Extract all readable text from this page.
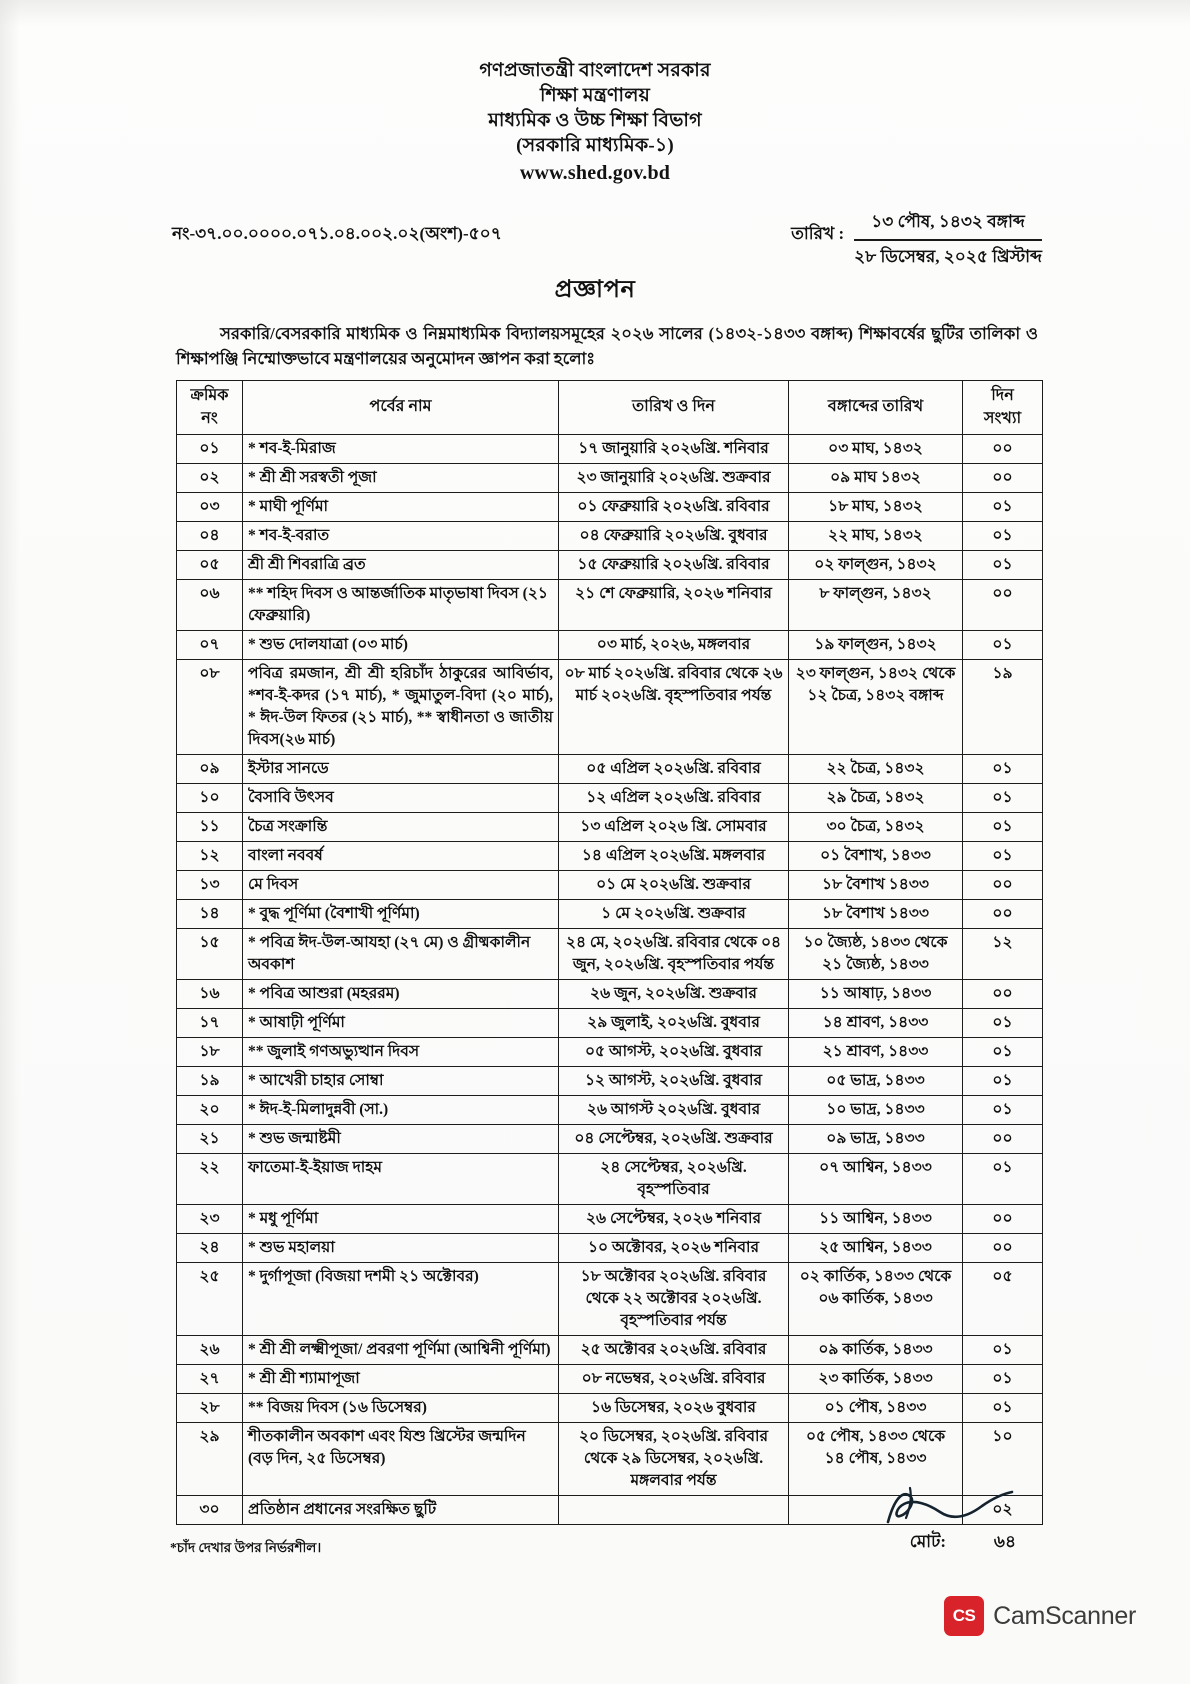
গণপ্রজাতন্ত্রী বাংলাদেশ সরকার
শিক্ষা মন্ত্রণালয়
মাধ্যমিক ও উচ্চ শিক্ষা বিভাগ
(সরকারি মাধ্যমিক-১)
www.shed.gov.bd
নং-৩৭.০০.০০০০.০৭১.০৪.০০২.০২(অংশ)-৫০৭	তারিখ :
১৩ পৌষ, ১৪৩২ বঙ্গাব্দ
২৮ ডিসেম্বর, ২০২৫ খ্রিস্টাব্দ
প্রজ্ঞাপন
সরকারি/বেসরকারি মাধ্যমিক ও নিম্নমাধ্যমিক বিদ্যালয়সমূহের ২০২৬ সালের (১৪৩২-১৪৩৩ বঙ্গাব্দ) শিক্ষাবর্ষের ছুটির তালিকা ও শিক্ষাপঞ্জি নিম্মোক্তভাবে মন্ত্রণালয়ের অনুমোদন জ্ঞাপন করা হলোঃ
ক্রমিক
নং	পর্বের নাম	তারিখ ও দিন	বঙ্গাব্দের তারিখ	দিন
সংখ্যা
০১	* শব-ই-মিরাজ	১৭ জানুয়ারি ২০২৬খ্রি. শনিবার	০৩ মাঘ, ১৪৩২	০০
০২	* শ্রী শ্রী সরস্বতী পূজা	২৩ জানুয়ারি ২০২৬খ্রি. শুক্রবার	০৯ মাঘ ১৪৩২	০০
০৩	* মাঘী পূর্ণিমা	০১ ফেব্রুয়ারি ২০২৬খ্রি. রবিবার	১৮ মাঘ, ১৪৩২	০১
০৪	* শব-ই-বরাত	০৪ ফেব্রুয়ারি ২০২৬খ্রি. বুধবার	২২ মাঘ, ১৪৩২	০১
০৫	শ্রী শ্রী শিবরাত্রি ব্রত	১৫ ফেব্রুয়ারি ২০২৬খ্রি. রবিবার	০২ ফাল্গুন, ১৪৩২	০১
০৬	** শহিদ দিবস ও আন্তর্জাতিক মাতৃভাষা দিবস (২১ ফেব্রুয়ারি)	২১ শে ফেব্রুয়ারি, ২০২৬ শনিবার	৮ ফাল্গুন, ১৪৩২	০০
০৭	* শুভ দোলযাত্রা (০৩ মার্চ)	০৩ মার্চ, ২০২৬, মঙ্গলবার	১৯ ফাল্গুন, ১৪৩২	০১
০৮	পবিত্র রমজান, শ্রী শ্রী হরিচাঁদ ঠাকুরের আবির্ভাব, *শব-ই-কদর (১৭ মার্চ), * জুমাতুল-বিদা (২০ মার্চ), * ঈদ-উল ফিতর (২১ মার্চ), ** স্বাধীনতা ও জাতীয় দিবস(২৬ মার্চ)	০৮ মার্চ ২০২৬খ্রি. রবিবার থেকে ২৬ মার্চ ২০২৬খ্রি. বৃহস্পতিবার পর্যন্ত	২৩ ফাল্গুন, ১৪৩২ থেকে ১২ চৈত্র, ১৪৩২ বঙ্গাব্দ	১৯
০৯	ইস্টার সানডে	০৫ এপ্রিল ২০২৬খ্রি. রবিবার	২২ চৈত্র, ১৪৩২	০১
১০	বৈসাবি উৎসব	১২ এপ্রিল ২০২৬খ্রি. রবিবার	২৯ চৈত্র, ১৪৩২	০১
১১	চৈত্র সংক্রান্তি	১৩ এপ্রিল ২০২৬ খ্রি. সোমবার	৩০ চৈত্র, ১৪৩২	০১
১২	বাংলা নববর্ষ	১৪ এপ্রিল ২০২৬খ্রি. মঙ্গলবার	০১ বৈশাখ, ১৪৩৩	০১
১৩	মে দিবস	০১ মে ২০২৬খ্রি. শুক্রবার	১৮ বৈশাখ ১৪৩৩	০০
১৪	* বুদ্ধ পূর্ণিমা (বৈশাখী পূর্ণিমা)	১ মে ২০২৬খ্রি. শুক্রবার	১৮ বৈশাখ ১৪৩৩	০০
১৫	* পবিত্র ঈদ-উল-আযহা (২৭ মে) ও গ্রীষ্মকালীন অবকাশ	২৪ মে, ২০২৬খ্রি. রবিবার থেকে ০৪ জুন, ২০২৬খ্রি. বৃহস্পতিবার পর্যন্ত	১০ জ্যৈষ্ঠ, ১৪৩৩ থেকে ২১ জ্যৈষ্ঠ, ১৪৩৩	১২
১৬	* পবিত্র আশুরা (মহররম)	২৬ জুন, ২০২৬খ্রি. শুক্রবার	১১ আষাঢ়, ১৪৩৩	০০
১৭	* আষাঢ়ী পূর্ণিমা	২৯ জুলাই, ২০২৬খ্রি. বুধবার	১৪ শ্রাবণ, ১৪৩৩	০১
১৮	** জুলাই গণঅভ্যুত্থান দিবস	০৫ আগস্ট, ২০২৬খ্রি. বুধবার	২১ শ্রাবণ, ১৪৩৩	০১
১৯	* আখেরী চাহার সোম্বা	১২ আগস্ট, ২০২৬খ্রি. বুধবার	০৫ ভাদ্র, ১৪৩৩	০১
২০	* ঈদ-ই-মিলাদুন্নবী (সা.)	২৬ আগস্ট ২০২৬খ্রি. বুধবার	১০ ভাদ্র, ১৪৩৩	০১
২১	* শুভ জন্মাষ্টমী	০৪ সেপ্টেম্বর, ২০২৬খ্রি. শুক্রবার	০৯ ভাদ্র, ১৪৩৩	০০
২২	ফাতেমা-ই-ইয়াজ দাহম	২৪ সেপ্টেম্বর, ২০২৬খ্রি. বৃহস্পতিবার	০৭ আশ্বিন, ১৪৩৩	০১
২৩	* মধু পূর্ণিমা	২৬ সেপ্টেম্বর, ২০২৬ শনিবার	১১ আশ্বিন, ১৪৩৩	০০
২৪	* শুভ মহালয়া	১০ অক্টোবর, ২০২৬ শনিবার	২৫ আশ্বিন, ১৪৩৩	০০
২৫	* দুর্গাপূজা (বিজয়া দশমী ২১ অক্টোবর)	১৮ অক্টোবর ২০২৬খ্রি. রবিবার থেকে ২২ অক্টোবর ২০২৬খ্রি. বৃহস্পতিবার পর্যন্ত	০২ কার্তিক, ১৪৩৩ থেকে ০৬ কার্তিক, ১৪৩৩	০৫
২৬	* শ্রী শ্রী লক্ষ্মীপূজা/ প্রবরণা পূর্ণিমা (আশ্বিনী পূর্ণিমা)	২৫ অক্টোবর ২০২৬খ্রি. রবিবার	০৯ কার্তিক, ১৪৩৩	০১
২৭	* শ্রী শ্রী শ্যামাপূজা	০৮ নভেম্বর, ২০২৬খ্রি. রবিবার	২৩ কার্তিক, ১৪৩৩	০১
২৮	** বিজয় দিবস (১৬ ডিসেম্বর)	১৬ ডিসেম্বর, ২০২৬ বুধবার	০১ পৌষ, ১৪৩৩	০১
২৯	শীতকালীন অবকাশ এবং যিশু খ্রিস্টের জন্মদিন (বড় দিন, ২৫ ডিসেম্বর)	২০ ডিসেম্বর, ২০২৬খ্রি. রবিবার থেকে ২৯ ডিসেম্বর, ২০২৬খ্রি. মঙ্গলবার পর্যন্ত	০৫ পৌষ, ১৪৩৩ থেকে ১৪ পৌষ, ১৪৩৩	১০
৩০	প্রতিষ্ঠান প্রধানের সংরক্ষিত ছুটি			০২
মোট:	৬৪
*চাঁদ দেখার উপর নির্ভরশীল।
CS CamScanner
